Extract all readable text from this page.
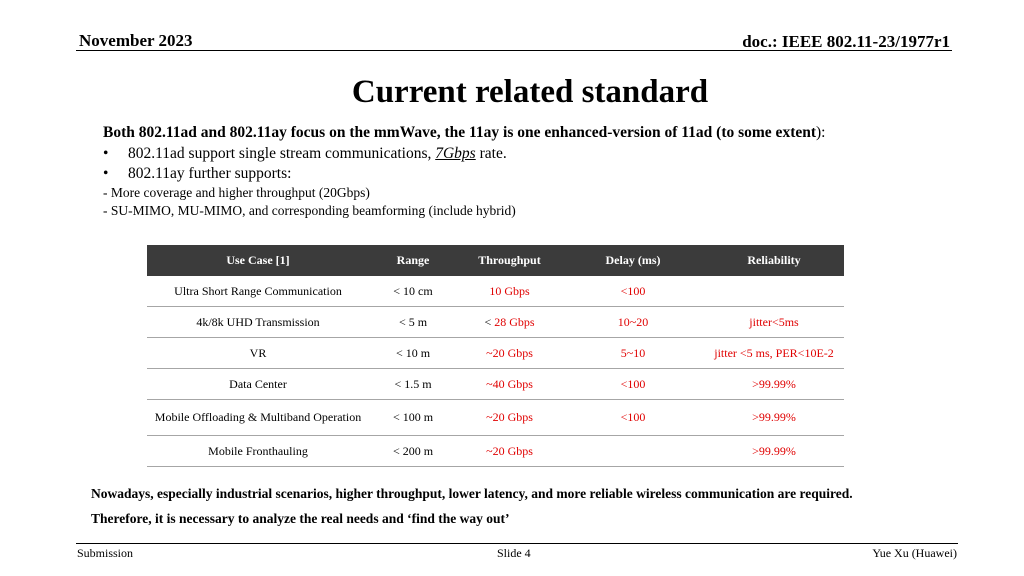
November 2023	doc.: IEEE 802.11-23/1977r1
Current related standard
Both 802.11ad and 802.11ay focus on the mmWave, the 11ay is one enhanced-version of 11ad (to some extent):
• 802.11ad support single stream communications, 7Gbps rate.
• 802.11ay further supports:
- More coverage and higher throughput (20Gbps)
- SU-MIMO, MU-MIMO, and corresponding beamforming (include hybrid)
Use Case [1]	Range	Throughput	Delay (ms)	Reliability
Ultra Short Range Communication	< 10 cm	10 Gbps	<100	
4k/8k UHD Transmission	< 5 m	< 28 Gbps	10~20	jitter<5ms
VR	< 10 m	~20 Gbps	5~10	jitter <5 ms, PER<10E-2
Data Center	< 1.5 m	~40 Gbps	<100	>99.99%
Mobile Offloading & Multiband Operation	< 100 m	~20 Gbps	<100	>99.99%
Mobile Fronthauling	< 200 m	~20 Gbps		>99.99%
Nowadays, especially industrial scenarios, higher throughput, lower latency, and more reliable wireless communication are required.
Therefore, it is necessary to analyze the real needs and ‘find the way out’
Submission	Slide 4	Yue Xu (Huawei)
